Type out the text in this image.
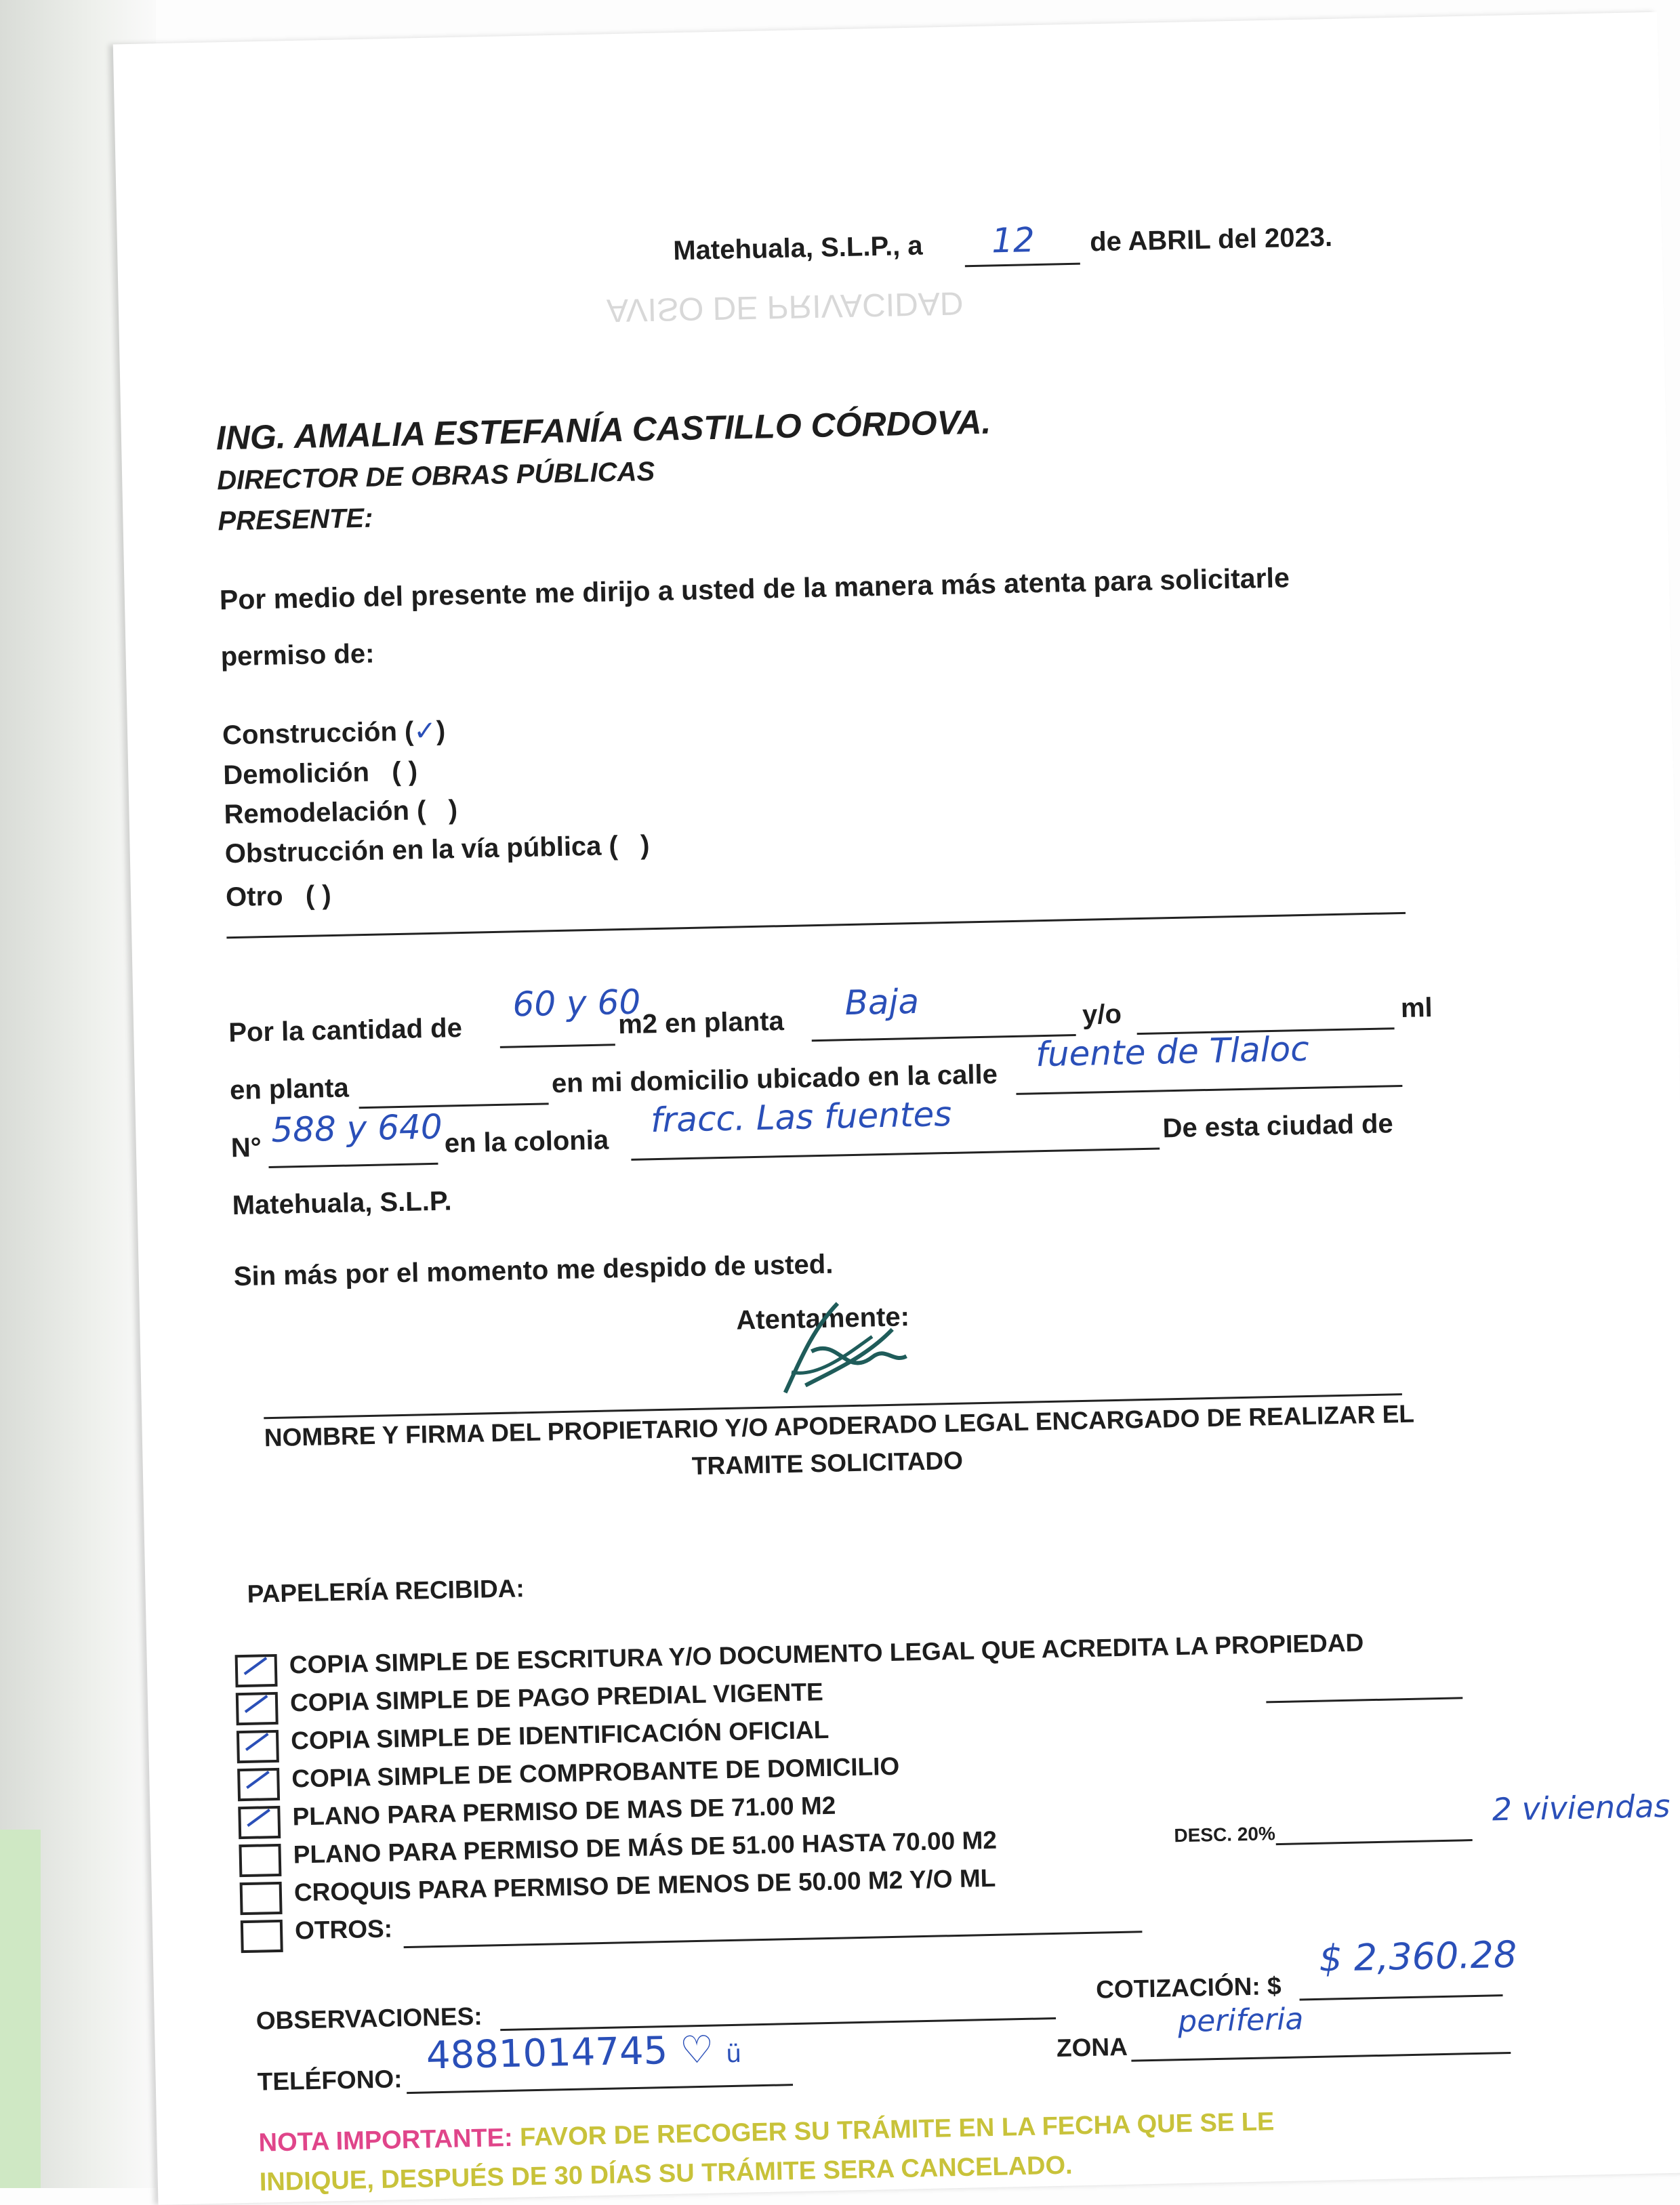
AVISO DE PRIVACIDAD
Matehuala, S.L.P., a 12 de ABRIL del 2023.
ING. AMALIA ESTEFANÍA CASTILLO CÓRDOVA.
DIRECTOR DE OBRAS PÚBLICAS
PRESENTE:
Por medio del presente me dirijo a usted de la manera más atenta para solicitarle
permiso de:
Construcción (✓)
Demolición ( )
Remodelación ( )
Obstrucción en la vía pública ( )
Otro ( )
Por la cantidad de
60 y 60
m2 en planta
Baja	y/o	ml
en planta	en mi domicilio ubicado en la calle
fuente de Tlaloc
N° 588 y 640 en la colonia
fracc. Las fuentes	De esta ciudad de
Matehuala, S.L.P.
Sin más por el momento me despido de usted.
Atentamente:
NOMBRE Y FIRMA DEL PROPIETARIO Y/O APODERADO LEGAL ENCARGADO DE REALIZAR EL
TRAMITE SOLICITADO
PAPELERÍA RECIBIDA:
COPIA SIMPLE DE ESCRITURA Y/O DOCUMENTO LEGAL QUE ACREDITA LA PROPIEDAD
COPIA SIMPLE DE PAGO PREDIAL VIGENTE
COPIA SIMPLE DE IDENTIFICACIÓN OFICIAL
COPIA SIMPLE DE COMPROBANTE DE DOMICILIO
PLANO PARA PERMISO DE MAS DE 71.00 M2
PLANO PARA PERMISO DE MÁS DE 51.00 HASTA 70.00 M2
CROQUIS PARA PERMISO DE MENOS DE 50.00 M2 Y/O ML
OTROS:
DESC. 20%
2 viviendas
OBSERVACIONES:
COTIZACIÓN: $
$ 2,360.28
TELÉFONO:
4881014745 ♡ ü	ZONA
periferia
NOTA IMPORTANTE: FAVOR DE RECOGER SU TRÁMITE EN LA FECHA QUE SE LE
INDIQUE, DESPUÉS DE 30 DÍAS SU TRÁMITE SERA CANCELADO.
